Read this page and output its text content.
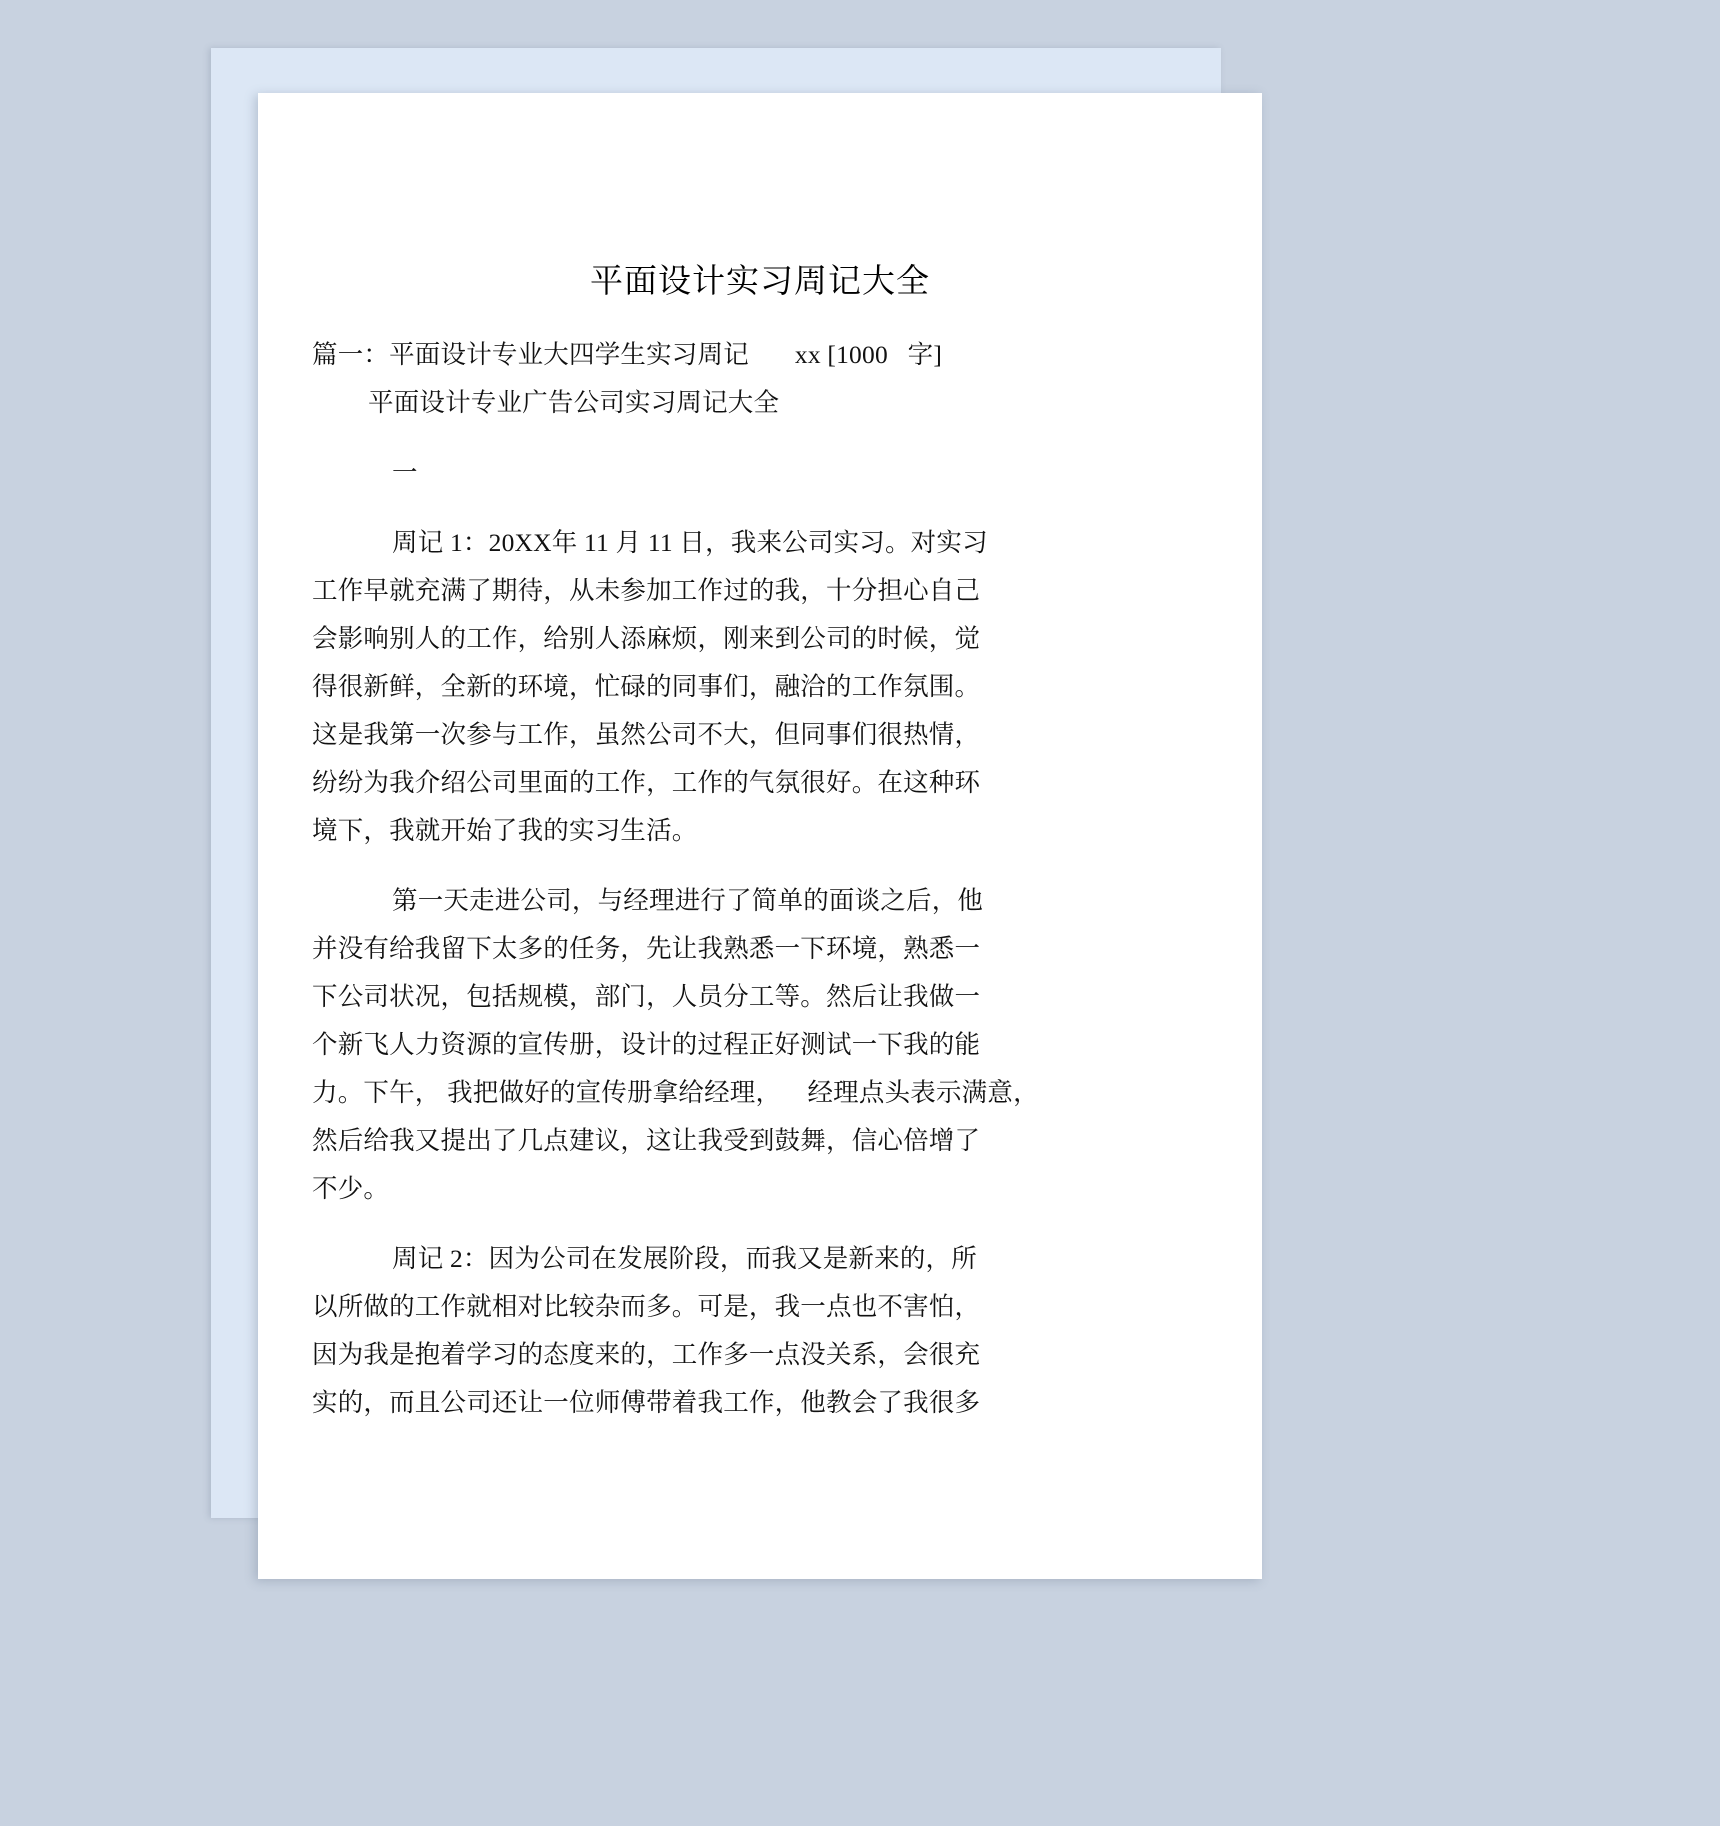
平面设计实习周记大全
篇一：平面设计专业大四学生实习周记       xx [1000   字]
平面设计专业广告公司实习周记大全
一
周记 1：20XX年 11 月 11 日，我来公司实习。对实习
工作早就充满了期待，从未参加工作过的我，十分担心自己
会影响别人的工作，给别人添麻烦，刚来到公司的时候，觉
得很新鲜，全新的环境，忙碌的同事们，融洽的工作氛围。
这是我第一次参与工作，虽然公司不大，但同事们很热情，
纷纷为我介绍公司里面的工作，工作的气氛很好。在这种环
境下，我就开始了我的实习生活。
第一天走进公司，与经理进行了简单的面谈之后，他
并没有给我留下太多的任务，先让我熟悉一下环境，熟悉一
下公司状况，包括规模，部门，人员分工等。然后让我做一
个新飞人力资源的宣传册，设计的过程正好测试一下我的能
力。下午， 我把做好的宣传册拿给经理，    经理点头表示满意，
然后给我又提出了几点建议，这让我受到鼓舞，信心倍增了
不少。
周记 2：因为公司在发展阶段，而我又是新来的，所
以所做的工作就相对比较杂而多。可是，我一点也不害怕，
因为我是抱着学习的态度来的，工作多一点没关系，会很充
实的，而且公司还让一位师傅带着我工作，他教会了我很多
